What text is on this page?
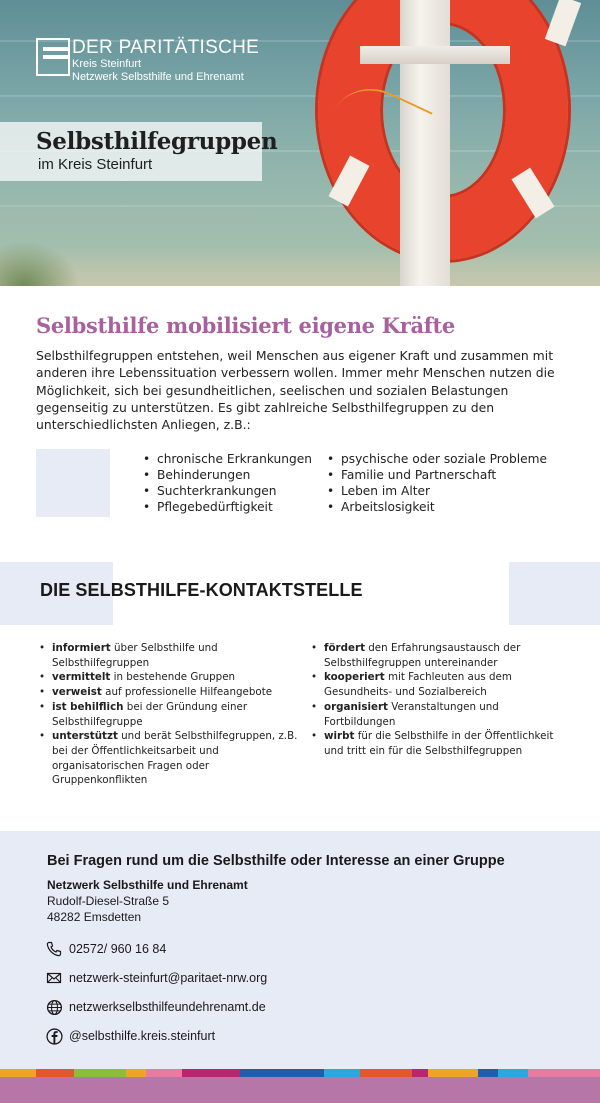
DER PARITÄTISCHE
Kreis Steinfurt
Netzwerk Selbsthilfe und Ehrenamt
Selbsthilfegruppen
im Kreis Steinfurt
Selbsthilfe mobilisiert eigene Kräfte

Selbsthilfegruppen entstehen, weil Menschen aus eigener Kraft und zusammen mit anderen ihre Lebenssituation verbessern wollen. Immer mehr Menschen nutzen die Möglichkeit, sich bei gesundheitlichen, seelischen und sozialen Belastungen gegenseitig zu unterstützen. Es gibt zahlreiche Selbsthilfegruppen zu den unterschiedlichsten Anliegen, z.B.:

• chronische Erkrankungen
• Behinderungen
• Suchterkrankungen
• Pflegebedürftigkeit
• psychische oder soziale Probleme
• Familie und Partnerschaft
• Leben im Alter
• Arbeitslosigkeit
DIE SELBSTHILFE-KONTAKTSTELLE
• informiert über Selbsthilfe und Selbsthilfegruppen
• vermittelt in bestehende Gruppen
• verweist auf professionelle Hilfeangebote
• ist behilflich bei der Gründung einer Selbsthilfegruppe
• unterstützt und berät Selbsthilfegruppen, z.B. bei der Öffentlichkeitsarbeit und organisatorischen Fragen oder Gruppenkonflikten
• fördert den Erfahrungsaustausch der Selbsthilfegruppen untereinander
• kooperiert mit Fachleuten aus dem Gesundheits- und Sozialbereich
• organisiert Veranstaltungen und Fortbildungen
• wirbt für die Selbsthilfe in der Öffentlichkeit und tritt ein für die Selbsthilfegruppen
Bei Fragen rund um die Selbsthilfe oder Interesse an einer Gruppe
Netzwerk Selbsthilfe und Ehrenamt
Rudolf-Diesel-Straße 5
48282 Emsdetten
02572/ 960 16 84
netzwerk-steinfurt@paritaet-nrw.org
netzwerkselbsthilfeundehrenamt.de
@selbsthilfe.kreis.steinfurt
